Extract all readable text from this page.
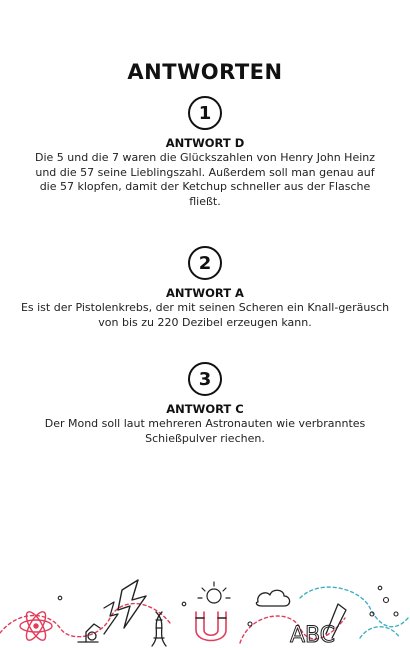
ANTWORTEN
1
ANTWORT D
Die 5 und die 7 waren die Glückszahlen von Henry John Heinz und die 57 seine Lieblingszahl. Außerdem soll man genau auf die 57 klopfen, damit der Ketchup schneller aus der Flasche fließt.
2
ANTWORT A
Es ist der Pistolenkrebs, der mit seinen Scheren ein Knall-geräusch von bis zu 220 Dezibel erzeugen kann.
3
ANTWORT C
Der Mond soll laut mehreren Astronauten wie verbranntes Schießpulver riechen.
ABC
